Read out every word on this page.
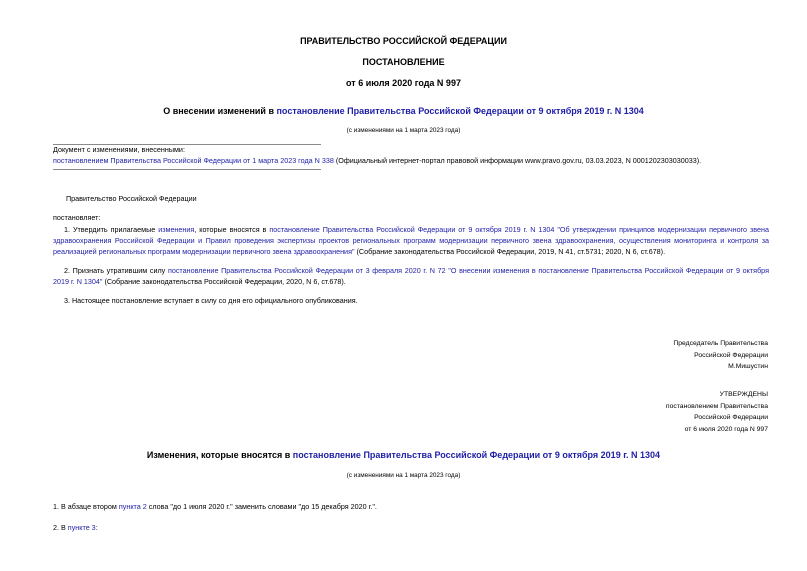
ПРАВИТЕЛЬСТВО РОССИЙСКОЙ ФЕДЕРАЦИИ
ПОСТАНОВЛЕНИЕ
от 6 июля 2020 года N 997
О внесении изменений в постановление Правительства Российской Федерации от 9 октября 2019 г. N 1304
(с изменениями на 1 марта 2023 года)
Документ с изменениями, внесенными:
постановлением Правительства Российской Федерации от 1 марта 2023 года N 338 (Официальный интернет-портал правовой информации www.pravo.gov.ru, 03.03.2023, N 0001202303030033).
Правительство Российской Федерации
постановляет:
1. Утвердить прилагаемые изменения, которые вносятся в постановление Правительства Российской Федерации от 9 октября 2019 г. N 1304 "Об утверждении принципов модернизации первичного звена здравоохранения Российской Федерации и Правил проведения экспертизы проектов региональных программ модернизации первичного звена здравоохранения, осуществления мониторинга и контроля за реализацией региональных программ модернизации первичного звена здравоохранения" (Собрание законодательства Российской Федерации, 2019, N 41, ст.5731; 2020, N 6, ст.678).
2. Признать утратившим силу постановление Правительства Российской Федерации от 3 февраля 2020 г. N 72 "О внесении изменения в постановление Правительства Российской Федерации от 9 октября 2019 г. N 1304" (Собрание законодательства Российской Федерации, 2020, N 6, ст.678).
3. Настоящее постановление вступает в силу со дня его официального опубликования.
Председатель Правительства
Российской Федерации
М.Мишустин
УТВЕРЖДЕНЫ
постановлением Правительства
Российской Федерации
от 6 июля 2020 года N 997
Изменения, которые вносятся в постановление Правительства Российской Федерации от 9 октября 2019 г. N 1304
(с изменениями на 1 марта 2023 года)
1. В абзаце втором пункта 2 слова "до 1 июля 2020 г." заменить словами "до 15 декабря 2020 г.".
2. В пункте 3:
